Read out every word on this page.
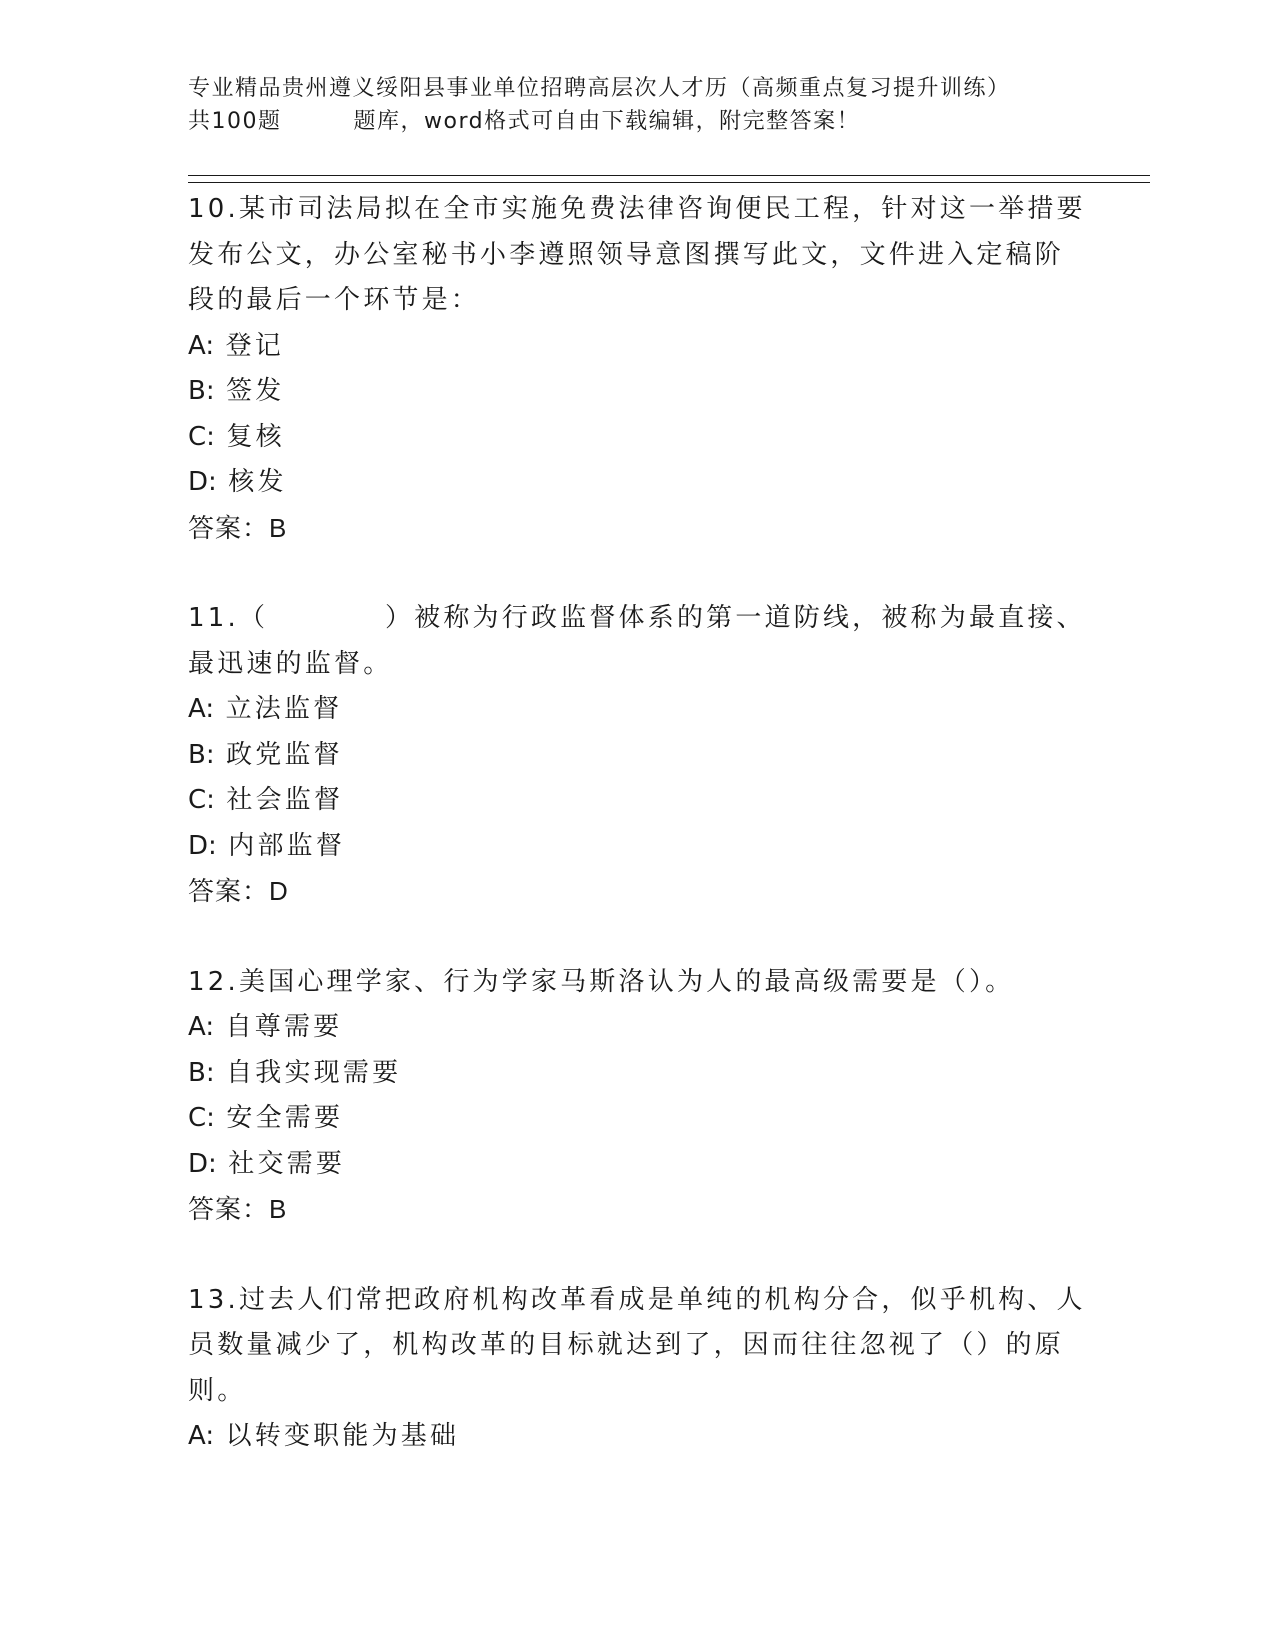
专业精品贵州遵义绥阳县事业单位招聘高层次人才历（高频重点复习提升训练）
共100题	题库，word格式可自由下载编辑，附完整答案！
10.某市司法局拟在全市实施免费法律咨询便民工程，针对这一举措要发布公文，办公室秘书小李遵照领导意图撰写此文，文件进入定稿阶段的最后一个环节是：
A: 登记
B: 签发
C: 复核
D: 核发
答案：B
11.（　　　　）被称为行政监督体系的第一道防线，被称为最直接、最迅速的监督。
A: 立法监督
B: 政党监督
C: 社会监督
D: 内部监督
答案：D
12.美国心理学家、行为学家马斯洛认为人的最高级需要是（）。
A: 自尊需要
B: 自我实现需要
C: 安全需要
D: 社交需要
答案：B
13.过去人们常把政府机构改革看成是单纯的机构分合，似乎机构、人员数量减少了，机构改革的目标就达到了，因而往往忽视了（）的原则。
A: 以转变职能为基础
